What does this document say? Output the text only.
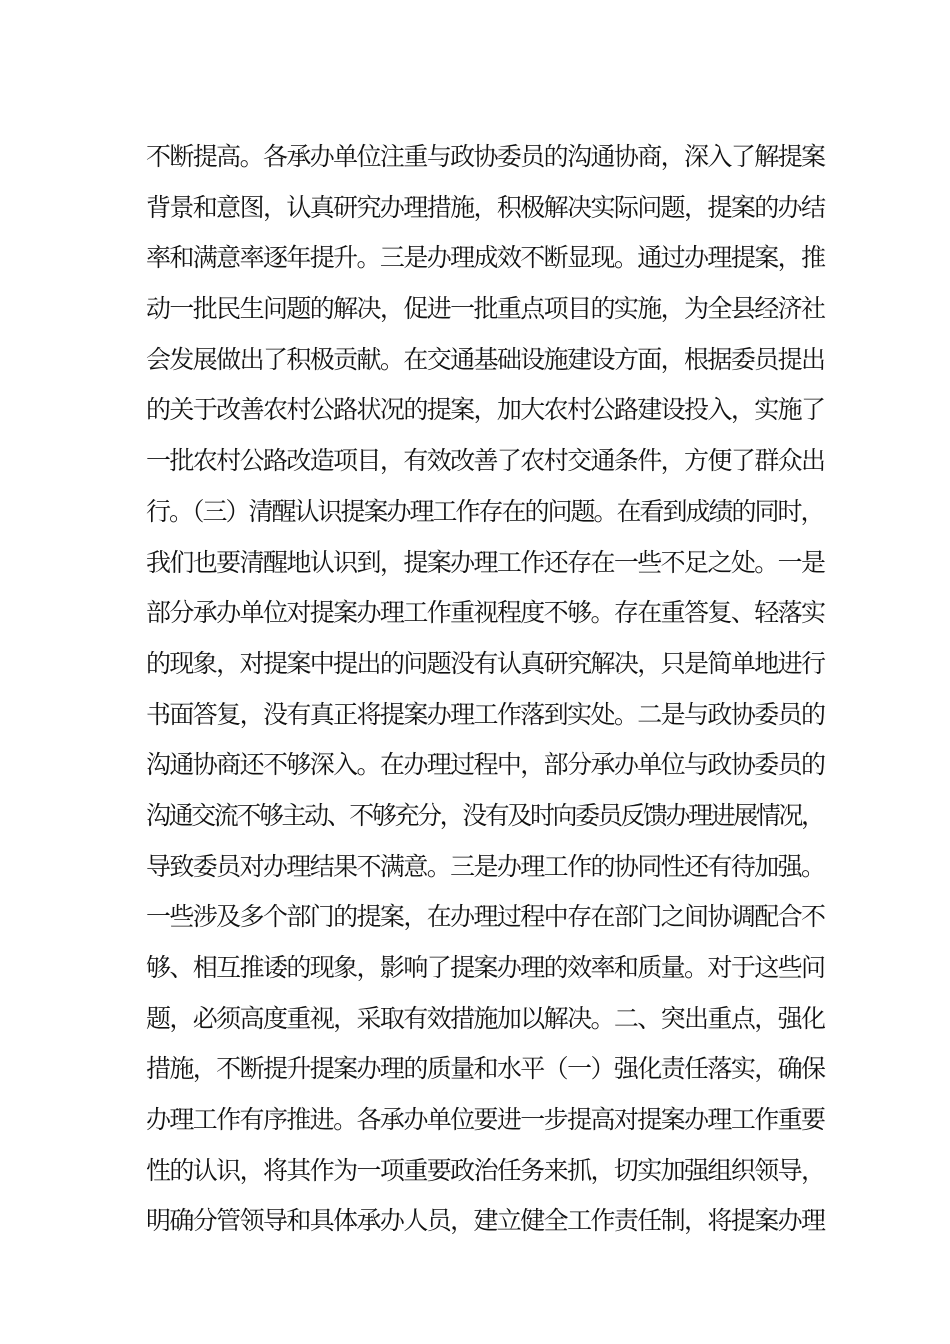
不断提高。各承办单位注重与政协委员的沟通协商，深入了解提案
背景和意图，认真研究办理措施，积极解决实际问题，提案的办结
率和满意率逐年提升。三是办理成效不断显现。通过办理提案，推
动一批民生问题的解决，促进一批重点项目的实施，为全县经济社
会发展做出了积极贡献。在交通基础设施建设方面，根据委员提出
的关于改善农村公路状况的提案，加大农村公路建设投入，实施了
一批农村公路改造项目，有效改善了农村交通条件，方便了群众出
行。（三）清醒认识提案办理工作存在的问题。在看到成绩的同时，
我们也要清醒地认识到，提案办理工作还存在一些不足之处。一是
部分承办单位对提案办理工作重视程度不够。存在重答复、轻落实
的现象，对提案中提出的问题没有认真研究解决，只是简单地进行
书面答复，没有真正将提案办理工作落到实处。二是与政协委员的
沟通协商还不够深入。在办理过程中，部分承办单位与政协委员的
沟通交流不够主动、不够充分，没有及时向委员反馈办理进展情况，
导致委员对办理结果不满意。三是办理工作的协同性还有待加强。
一些涉及多个部门的提案，在办理过程中存在部门之间协调配合不
够、相互推诿的现象，影响了提案办理的效率和质量。对于这些问
题，必须高度重视，采取有效措施加以解决。二、突出重点，强化
措施，不断提升提案办理的质量和水平（一）强化责任落实，确保
办理工作有序推进。各承办单位要进一步提高对提案办理工作重要
性的认识，将其作为一项重要政治任务来抓，切实加强组织领导，
明确分管领导和具体承办人员，建立健全工作责任制，将提案办理
